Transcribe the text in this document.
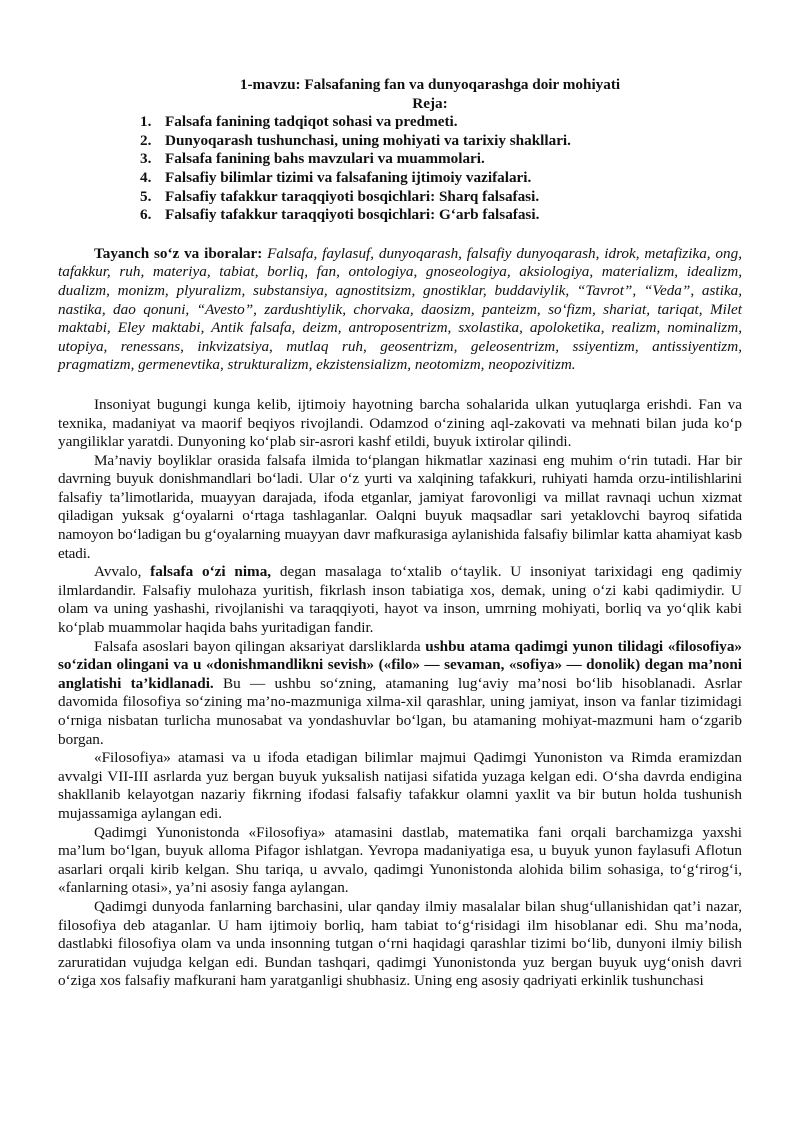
1-mavzu: Falsafaning fan va dunyoqarashga doir mohiyati

Reja:

1. Falsafa fanining tadqiqot sohasi va predmeti.
2. Dunyoqarash tushunchasi, uning mohiyati va tarixiy shakllari.
3. Falsafa fanining bahs mavzulari va muammolari.
4. Falsafiy bilimlar tizimi va falsafaning ijtimoiy vazifalari.
5. Falsafiy tafakkur taraqqiyoti bosqichlari: Sharq falsafasi.
6. Falsafiy tafakkur taraqqiyoti bosqichlari: G‘arb falsafasi.

Tayanch so‘z va iboralar: Falsafa, faylasuf, dunyoqarash, falsafiy dunyoqarash, idrok, metafizika, ong, tafakkur, ruh, materiya, tabiat, borliq, fan, ontologiya, gnoseologiya, aksiologiya, materializm, idealizm, dualizm, monizm, plyuralizm, substansiya, agnostitsizm, gnostiklar, buddaviylik, “Tavrot”, “Veda”, astika, nastika, dao qonuni, “Avesto”, zardushtiylik, chorvaka, daosizm, panteizm, so‘fizm, shariat, tariqat, Milet maktabi, Eley maktabi, Antik falsafa, deizm, antroposentrizm, sxolastika, apoloketika, realizm, nominalizm, utopiya, renessans, inkvizatsiya, mutlaq ruh, geosentrizm, geleosentrizm, ssiyentizm, antissiyentizm, pragmatizm, germenevtika, strukturalizm, ekzistensializm, neotomizm, neopozivitizm.

Insoniyat bugungi kunga kelib, ijtimoiy hayotning barcha sohalarida ulkan yutuqlarga erishdi. Fan va texnika, madaniyat va maorif beqiyos rivojlandi. Odamzod o‘zining aql-zakovati va mehnati bilan juda ko‘p yangiliklar yaratdi. Dunyoning ko‘plab sir-asrori kashf etildi, buyuk ixtirolar qilindi.

Ma’naviy boyliklar orasida falsafa ilmida to‘plangan hikmatlar xazinasi eng muhim o‘rin tutadi. Har bir davrning buyuk donishmandlari bo‘ladi. Ular o‘z yurti va xalqining tafakkuri, ruhiyati hamda orzu-intilishlarini falsafiy ta’limotlarida, muayyan darajada, ifoda etganlar, jamiyat farovonligi va millat ravnaqi uchun xizmat qiladigan yuksak g‘oyalarni o‘rtaga tashlaganlar. Oalqni buyuk maqsadlar sari yetaklovchi bayroq sifatida namoyon bo‘ladigan bu g‘oyalarning muayyan davr mafkurasiga aylanishida falsafiy bilimlar katta ahamiyat kasb etadi.

Avvalo, falsafa o‘zi nima, degan masalaga to‘xtalib o‘taylik. U insoniyat tarixidagi eng qadimiy ilmlardandir. Falsafiy mulohaza yuritish, fikrlash inson tabiatiga xos, demak, uning o‘zi kabi qadimiydir. U olam va uning yashashi, rivojlanishi va taraqqiyoti, hayot va inson, umrning mohiyati, borliq va yo‘qlik kabi ko‘plab muammolar haqida bahs yuritadigan fandir.

Falsafa asoslari bayon qilingan aksariyat darsliklarda ushbu atama qadimgi yunon tilidagi «filosofiya» so‘zidan olingani va u «donishmandlikni sevish» («filo» — sevaman, «sofiya» — donolik) degan ma’noni anglatishi ta’kidlanadi. Bu — ushbu so‘zning, atamaning lug‘aviy ma’nosi bo‘lib hisoblanadi. Asrlar davomida filosofiya so‘zining ma’no-mazmuniga xilma-xil qarashlar, uning jamiyat, inson va fanlar tizimidagi o‘rniga nisbatan turlicha munosabat va yondashuvlar bo‘lgan, bu atamaning mohiyat-mazmuni ham o‘zgarib borgan.

«Filosofiya» atamasi va u ifoda etadigan bilimlar majmui Qadimgi Yunoniston va Rimda eramizdan avvalgi VII-III asrlarda yuz bergan buyuk yuksalish natijasi sifatida yuzaga kelgan edi. O‘sha davrda endigina shakllanib kelayotgan nazariy fikrning ifodasi falsafiy tafakkur olamni yaxlit va bir butun holda tushunish mujassamiga aylangan edi.

Qadimgi Yunonistonda «Filosofiya» atamasini dastlab, matematika fani orqali barchamizga yaxshi ma’lum bo‘lgan, buyuk alloma Pifagor ishlatgan. Yevropa madaniyatiga esa, u buyuk yunon faylasufi Aflotun asarlari orqali kirib kelgan. Shu tariqa, u avvalo, qadimgi Yunonistonda alohida bilim sohasiga, to‘g‘rirog‘i, «fanlarning otasi», ya’ni asosiy fanga aylangan.

Qadimgi dunyoda fanlarning barchasini, ular qanday ilmiy masalalar bilan shug‘ullanishidan qat’i nazar, filosofiya deb ataganlar. U ham ijtimoiy borliq, ham tabiat to‘g‘risidagi ilm hisoblanar edi. Shu ma’noda, dastlabki filosofiya olam va unda insonning tutgan o‘rni haqidagi qarashlar tizimi bo‘lib, dunyoni ilmiy bilish zaruratidan vujudga kelgan edi. Bundan tashqari, qadimgi Yunonistonda yuz bergan buyuk uyg‘onish davri o‘ziga xos falsafiy mafkurani ham yaratganligi shubhasiz. Uning eng asosiy qadriyati erkinlik tushunchasi
